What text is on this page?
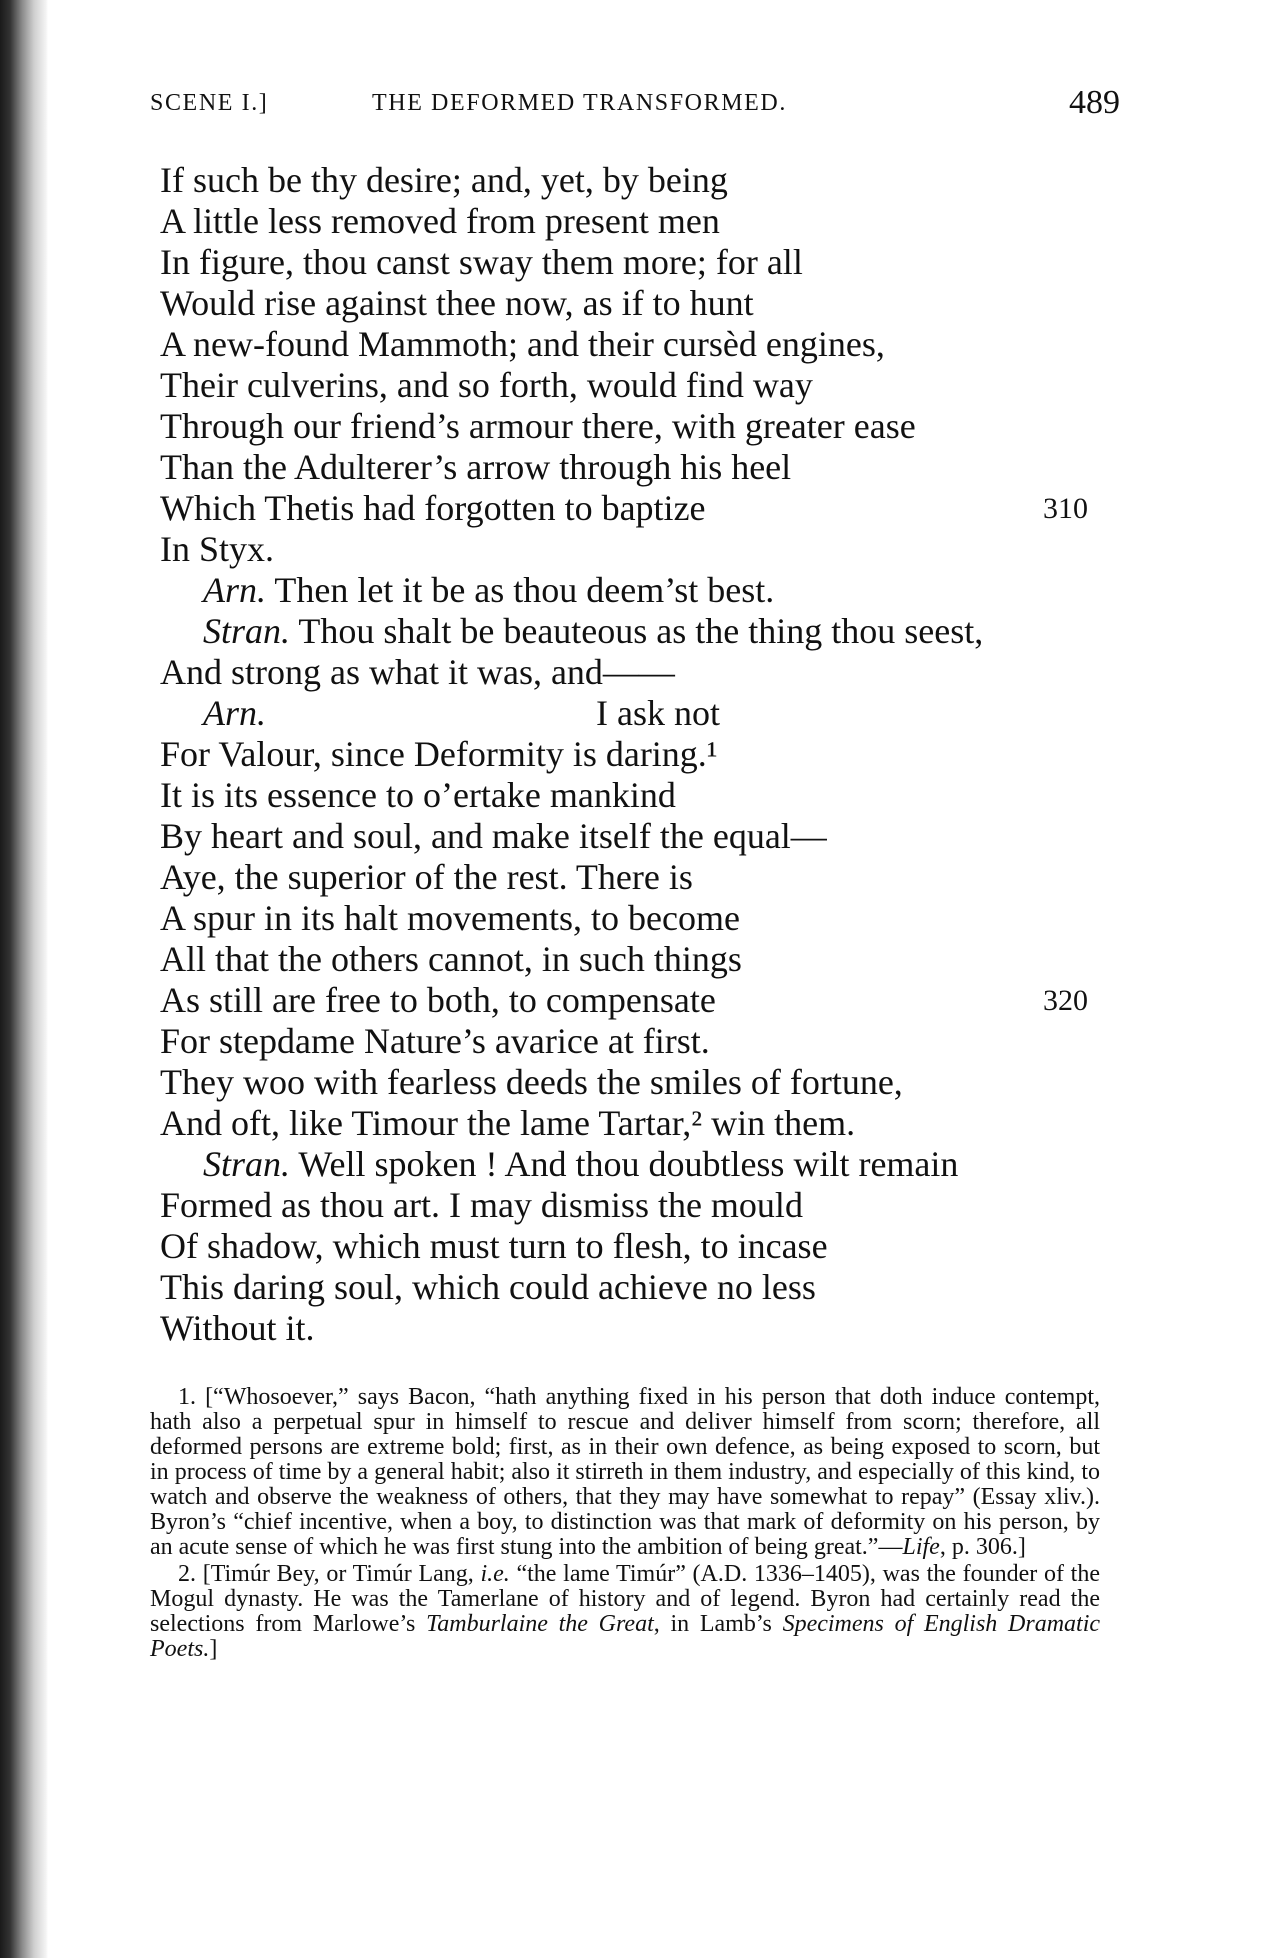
SCENE I.]	THE DEFORMED TRANSFORMED.	489
If such be thy desire; and, yet, by being
A little less removed from present men
In figure, thou canst sway them more; for all
Would rise against thee now, as if to hunt
A new-found Mammoth; and their cursèd engines,
Their culverins, and so forth, would find way
Through our friend’s armour there, with greater ease
Than the Adulterer’s arrow through his heel
Which Thetis had forgotten to baptize	310
In Styx.
Arn. Then let it be as thou deem’st best.
Stran. Thou shalt be beauteous as the thing thou seest,
And strong as what it was, and——
Arn.	I ask not
For Valour, since Deformity is daring.¹
It is its essence to o’ertake mankind
By heart and soul, and make itself the equal—
Aye, the superior of the rest. There is
A spur in its halt movements, to become
All that the others cannot, in such things
As still are free to both, to compensate	320
For stepdame Nature’s avarice at first.
They woo with fearless deeds the smiles of fortune,
And oft, like Timour the lame Tartar,² win them.
Stran. Well spoken ! And thou doubtless wilt remain
Formed as thou art. I may dismiss the mould
Of shadow, which must turn to flesh, to incase
This daring soul, which could achieve no less
Without it.

1. [“Whosoever,” says Bacon, “hath anything fixed in his person that doth induce contempt, hath also a perpetual spur in himself to rescue and deliver himself from scorn; therefore, all deformed persons are extreme bold; first, as in their own defence, as being exposed to scorn, but in process of time by a general habit; also it stirreth in them industry, and especially of this kind, to watch and observe the weakness of others, that they may have somewhat to repay” (Essay xliv.). Byron’s “chief incentive, when a boy, to distinction was that mark of deformity on his person, by an acute sense of which he was first stung into the ambition of being great.”—Life, p. 306.]

2. [Timúr Bey, or Timúr Lang, i.e. “the lame Timúr” (A.D. 1336–1405), was the founder of the Mogul dynasty. He was the Tamerlane of history and of legend. Byron had certainly read the selections from Marlowe’s Tamburlaine the Great, in Lamb’s Specimens of English Dramatic Poets.]
